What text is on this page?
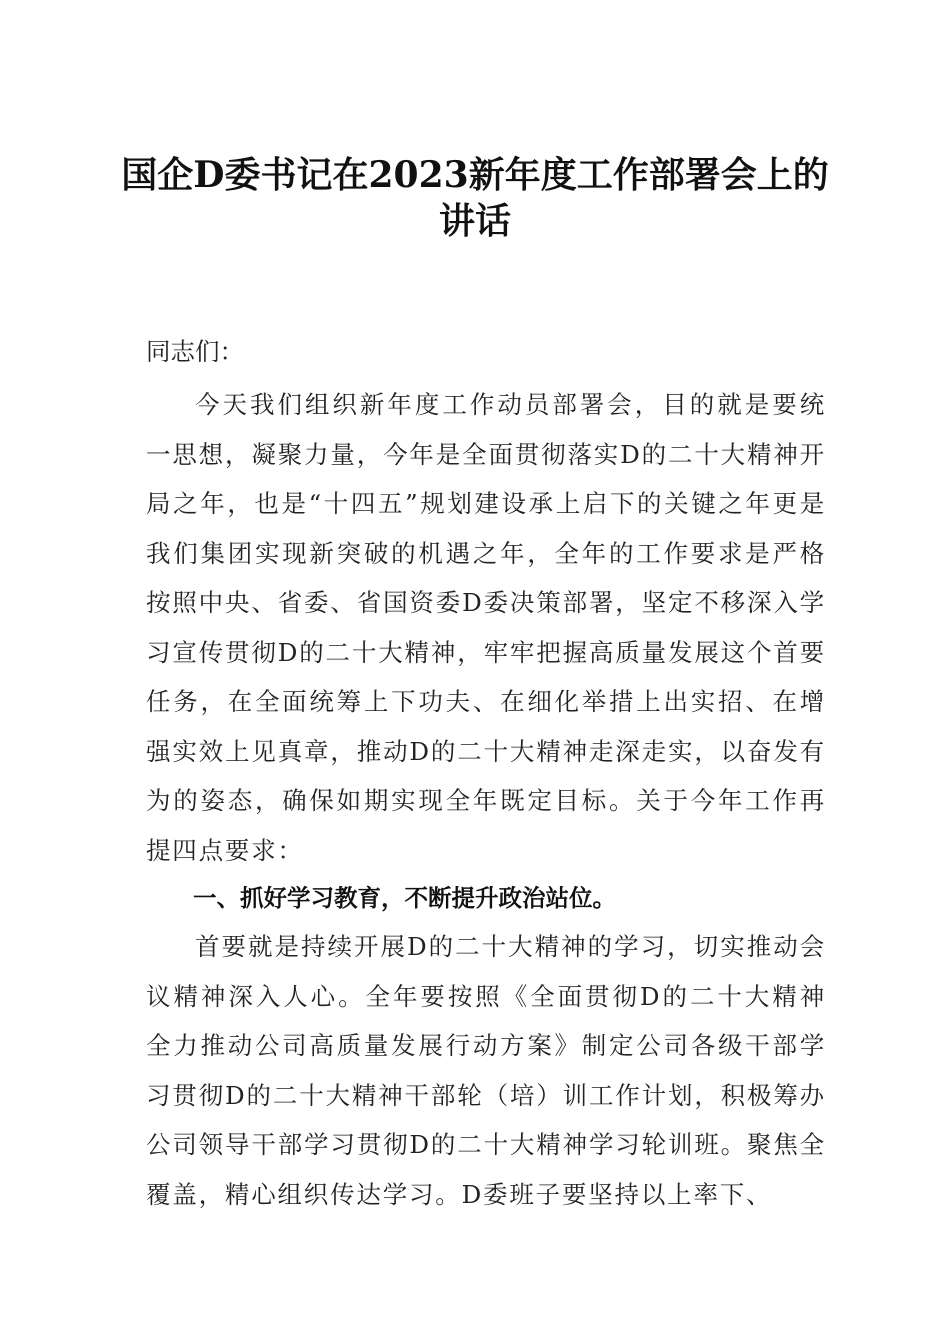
国企D委书记在2023新年度工作部署会上的讲话

同志们：

今天我们组织新年度工作动员部署会，目的就是要统一思想，凝聚力量，今年是全面贯彻落实D的二十大精神开局之年，也是“十四五”规划建设承上启下的关键之年更是我们集团实现新突破的机遇之年，全年的工作要求是严格按照中央、省委、省国资委D委决策部署，坚定不移深入学习宣传贯彻D的二十大精神，牢牢把握高质量发展这个首要任务，在全面统筹上下功夫、在细化举措上出实招、在增强实效上见真章，推动D的二十大精神走深走实，以奋发有为的姿态，确保如期实现全年既定目标。关于今年工作再提四点要求：

一、抓好学习教育，不断提升政治站位。

首要就是持续开展D的二十大精神的学习，切实推动会议精神深入人心。全年要按照《全面贯彻D的二十大精神 全力推动公司高质量发展行动方案》制定公司各级干部学习贯彻D的二十大精神干部轮（培）训工作计划，积极筹办公司领导干部学习贯彻D的二十大精神学习轮训班。聚焦全覆盖，精心组织传达学习。D委班子要坚持以上率下、
